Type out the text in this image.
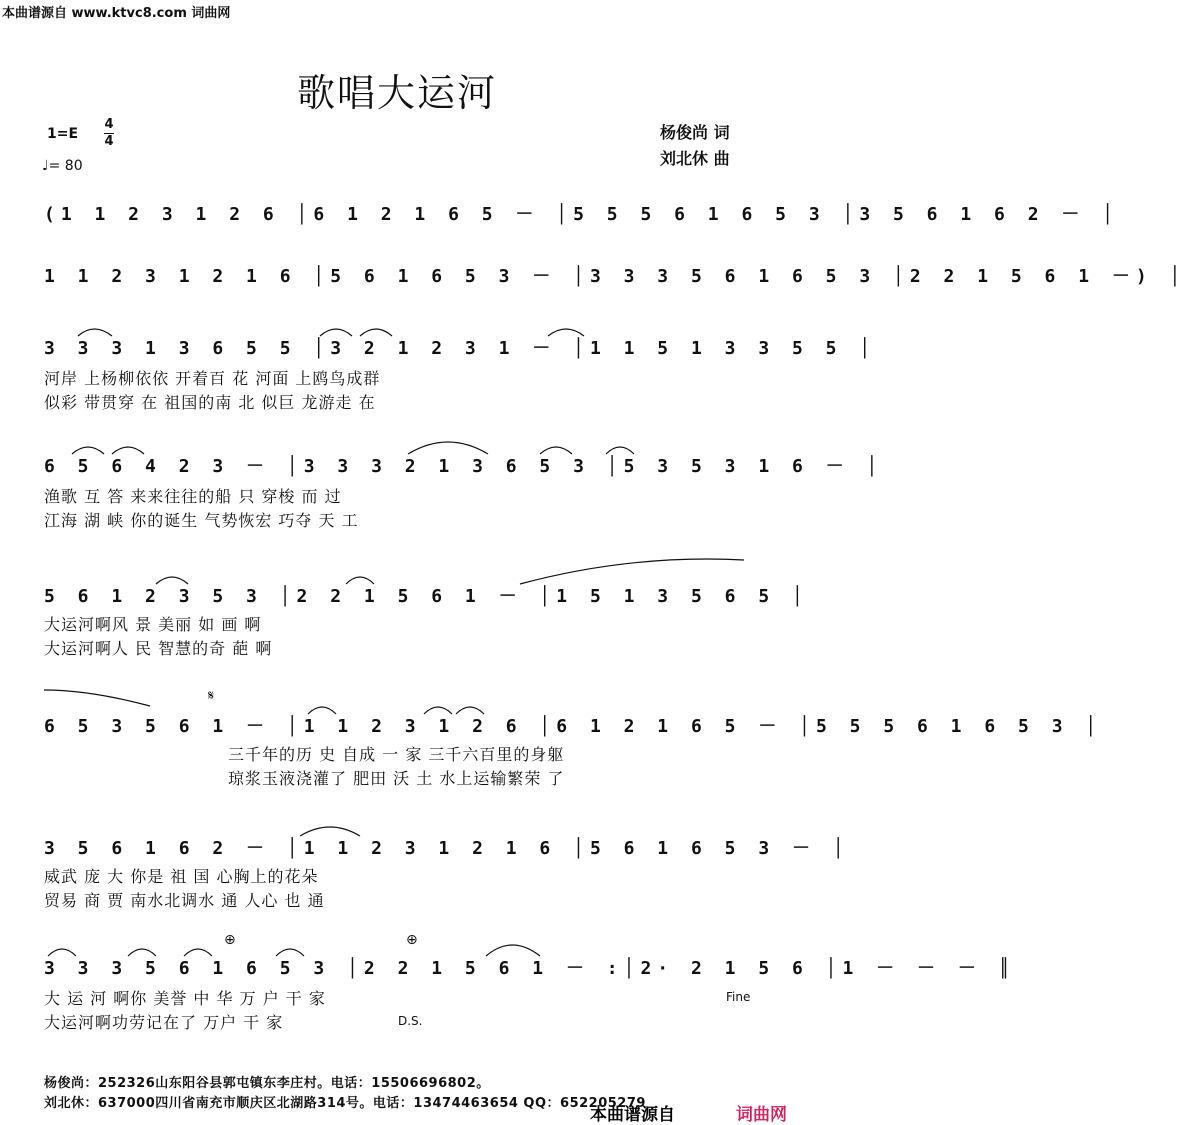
本曲谱源自 www.ktvc8.com 词曲网
歌唱大运河
1=E
4
4
♩= 80
杨俊尚 词
刘北休 曲
(1 1 2 3 1 2 6 │6 1 2 1 6 5 － │5 5 5 6 1 6 5 3 │3 5 6 1 6 2 － │
1 1 2 3 1 2 1 6 │5 6 1 6 5 3 － │3 3 3 5 6 1 6 5 3 │2 2 1 5 6 1 －) │
3 3 3 1 3 6 5 5 │3 2 1 2 3 1 － │1 1 5 1 3 3 5 5 │
河岸 上杨柳依依 开着百 花 河面 上鸥鸟成群
似彩 带贯穿 在 祖国的南 北 似巨 龙游走 在
6 5 6 4 2 3 － │3 3 3 2 1 3 6 5 3 │5 3 5 3 1 6 － │
渔歌 互 答 来来往往的船 只 穿梭 而 过
江海 湖 峡 你的诞生 气势恢宏 巧夺 天 工
5 6 1 2 3 5 3 │2 2 1 5 6 1 － │1 5 1 3 5 6 5 │
大运河啊风 景 美丽 如 画 啊
大运河啊人 民 智慧的奇 葩 啊
6 5 3 5 6 1 － │1 1 2 3 1 2 6 │6 1 2 1 6 5 － │5 5 5 6 1 6 5 3 │
三千年的历 史 自成 一 家 三千六百里的身躯
琼浆玉液浇灌了 肥田 沃 土 水上运输繁荣 了
3 5 6 1 6 2 － │1 1 2 3 1 2 1 6 │5 6 1 6 5 3 － │
威武 庞 大 你是 祖 国 心胸上的花朵
贸易 商 贾 南水北调水 通 人心 也 通
3 3 3 5 6 1 6 5 3 │2 2 1 5 6 1 － :│2· 2 1 5 6 │1 － － － ║
大 运 河 啊你 美誉 中 华 万 户 干 家
大运河啊功劳记在了 万户 干 家
𝄋
⊕	⊕
Fine
D.S.
杨俊尚：252326山东阳谷县郭屯镇东李庄村。电话：15506696802。
刘北休：637000四川省南充市顺庆区北湖路314号。电话：13474463654 QQ：652205279
本曲谱源自	词曲网
